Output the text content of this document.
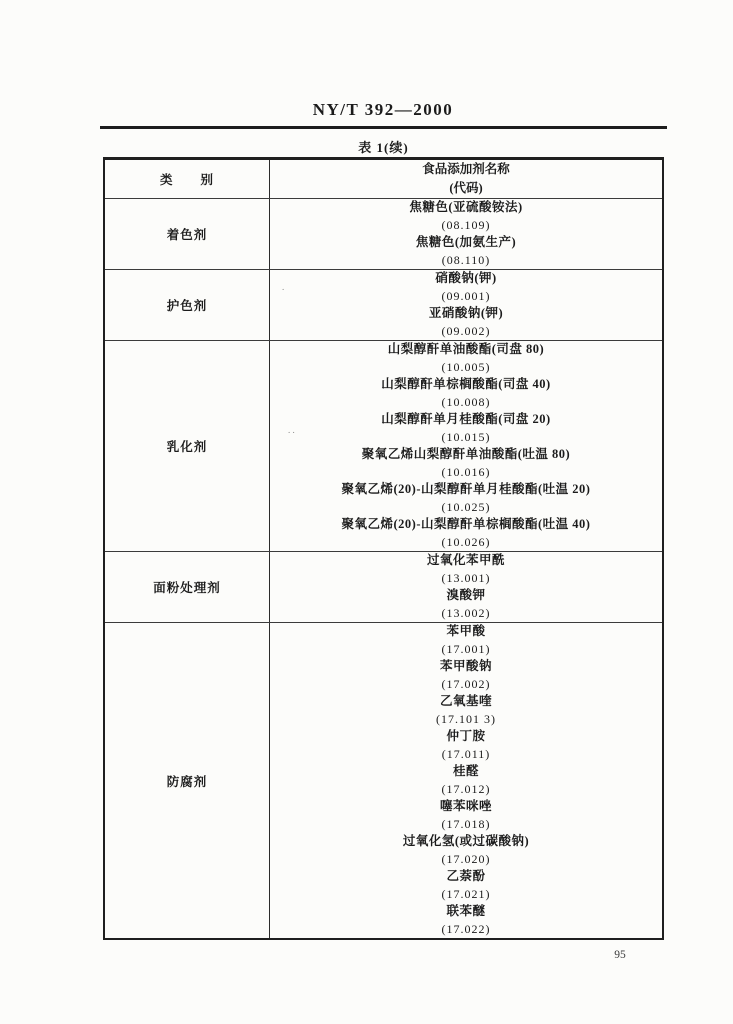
NY/T 392—2000
表 1(续)
类　　别
食品添加剂名称
(代码)
着色剂
焦糖色(亚硫酸铵法)
(08.109)
焦糖色(加氨生产)
(08.110)
护色剂
硝酸钠(钾)
(09.001)
亚硝酸钠(钾)
(09.002)
乳化剂
山梨醇酐单油酸酯(司盘 80)
(10.005)
山梨醇酐单棕榈酸酯(司盘 40)
(10.008)
山梨醇酐单月桂酸酯(司盘 20)
(10.015)
聚氧乙烯山梨醇酐单油酸酯(吐温 80)
(10.016)
聚氧乙烯(20)-山梨醇酐单月桂酸酯(吐温 20)
(10.025)
聚氧乙烯(20)-山梨醇酐单棕榈酸酯(吐温 40)
(10.026)
面粉处理剂
过氧化苯甲酰
(13.001)
溴酸钾
(13.002)
防腐剂
苯甲酸
(17.001)
苯甲酸钠
(17.002)
乙氧基喹
(17.101 3)
仲丁胺
(17.011)
桂醛
(17.012)
噻苯咪唑
(17.018)
过氧化氢(或过碳酸钠)
(17.020)
乙萘酚
(17.021)
联苯醚
(17.022)
. .
.
95
